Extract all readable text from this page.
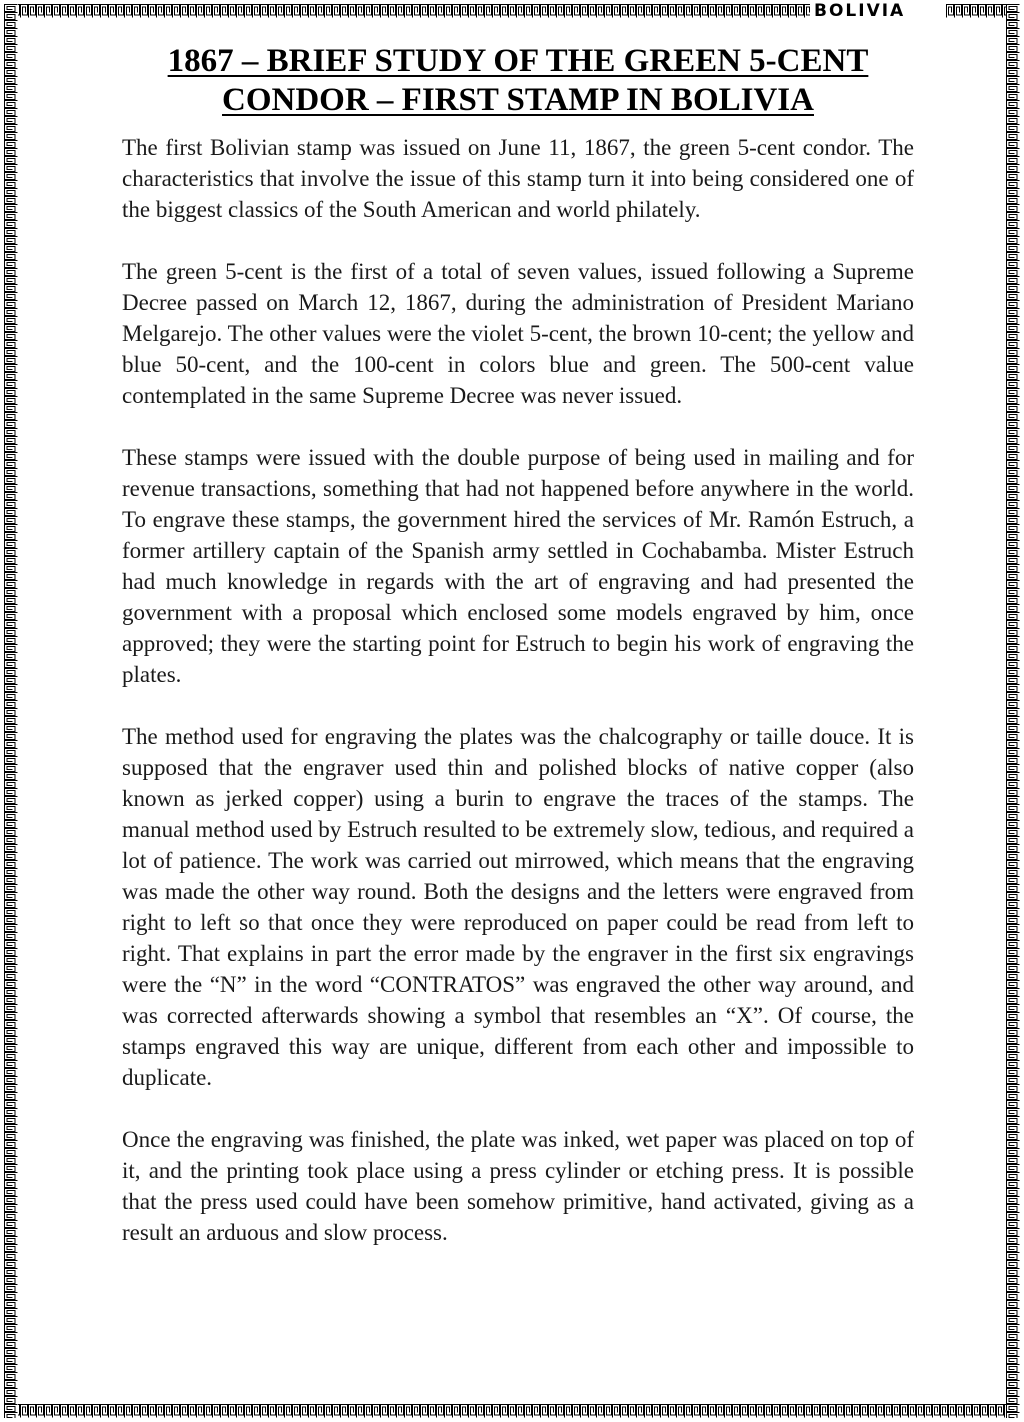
BOLIVIA
1867 – BRIEF STUDY OF THE GREEN 5-CENT
CONDOR – FIRST STAMP IN BOLIVIA

The first Bolivian stamp was issued on June 11, 1867, the green 5-cent condor. The characteristics that involve the issue of this stamp turn it into being considered one of the biggest classics of the South American and world philately.

The green 5-cent is the first of a total of seven values, issued following a Supreme Decree passed on March 12, 1867, during the administration of President Mariano Melgarejo. The other values were the violet 5-cent, the brown 10-cent; the yellow and blue 50-cent, and the 100-cent in colors blue and green. The 500-cent value contemplated in the same Supreme Decree was never issued.

These stamps were issued with the double purpose of being used in mailing and for revenue transactions, something that had not happened before anywhere in the world. To engrave these stamps, the government hired the services of Mr. Ramón Estruch, a former artillery captain of the Spanish army settled in Cochabamba. Mister Estruch had much knowledge in regards with the art of engraving and had presented the government with a proposal which enclosed some models engraved by him, once approved; they were the starting point for Estruch to begin his work of engraving the plates.

The method used for engraving the plates was the chalcography or taille douce. It is supposed that the engraver used thin and polished blocks of native copper (also known as jerked copper) using a burin to engrave the traces of the stamps. The manual method used by Estruch resulted to be extremely slow, tedious, and required a lot of patience. The work was carried out mirrowed, which means that the engraving was made the other way round. Both the designs and the letters were engraved from right to left so that once they were reproduced on paper could be read from left to right. That explains in part the error made by the engraver in the first six engravings were the “N” in the word “CONTRATOS” was engraved the other way around, and was corrected afterwards showing a symbol that resembles an “X”. Of course, the stamps engraved this way are unique, different from each other and impossible to duplicate.

Once the engraving was finished, the plate was inked, wet paper was placed on top of it, and the printing took place using a press cylinder or etching press. It is possible that the press used could have been somehow primitive, hand activated, giving as a result an arduous and slow process.
